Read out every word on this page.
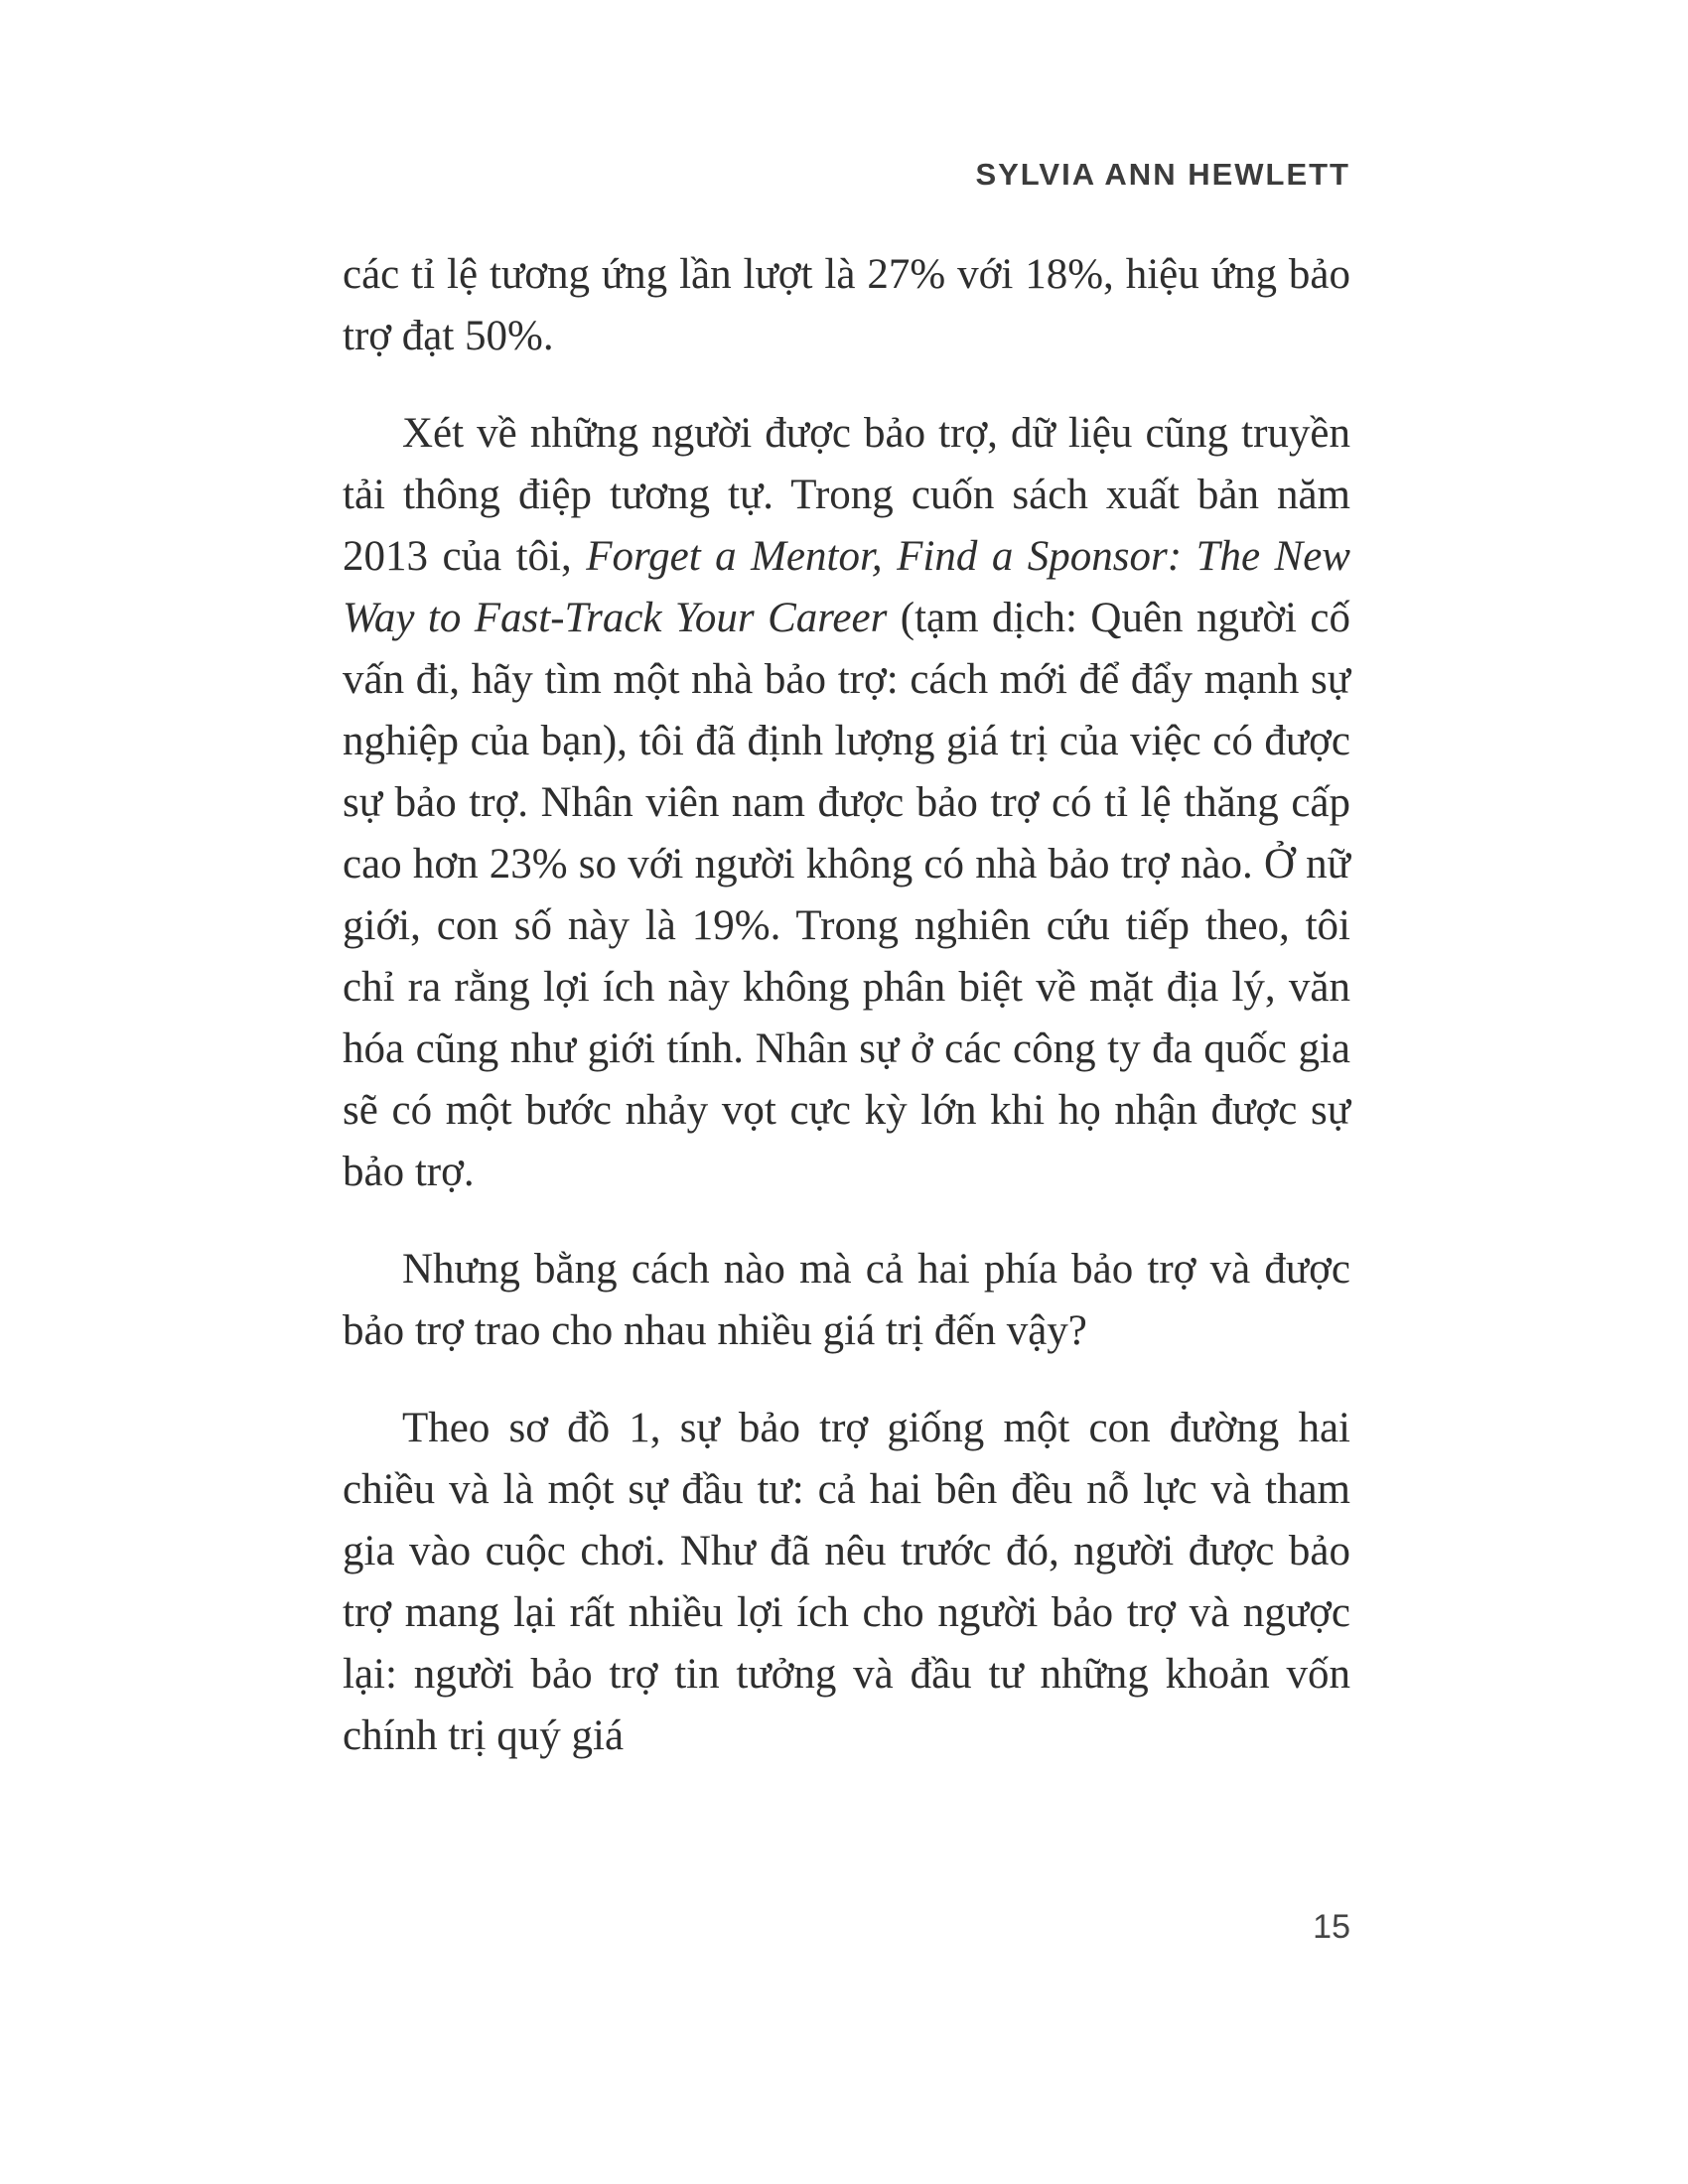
SYLVIA ANN HEWLETT

các tỉ lệ tương ứng lần lượt là 27% với 18%, hiệu ứng bảo trợ đạt 50%.

Xét về những người được bảo trợ, dữ liệu cũng truyền tải thông điệp tương tự. Trong cuốn sách xuất bản năm 2013 của tôi, Forget a Mentor, Find a Sponsor: The New Way to Fast-Track Your Career (tạm dịch: Quên người cố vấn đi, hãy tìm một nhà bảo trợ: cách mới để đẩy mạnh sự nghiệp của bạn), tôi đã định lượng giá trị của việc có được sự bảo trợ. Nhân viên nam được bảo trợ có tỉ lệ thăng cấp cao hơn 23% so với người không có nhà bảo trợ nào. Ở nữ giới, con số này là 19%. Trong nghiên cứu tiếp theo, tôi chỉ ra rằng lợi ích này không phân biệt về mặt địa lý, văn hóa cũng như giới tính. Nhân sự ở các công ty đa quốc gia sẽ có một bước nhảy vọt cực kỳ lớn khi họ nhận được sự bảo trợ.

Nhưng bằng cách nào mà cả hai phía bảo trợ và được bảo trợ trao cho nhau nhiều giá trị đến vậy?

Theo sơ đồ 1, sự bảo trợ giống một con đường hai chiều và là một sự đầu tư: cả hai bên đều nỗ lực và tham gia vào cuộc chơi. Như đã nêu trước đó, người được bảo trợ mang lại rất nhiều lợi ích cho người bảo trợ và ngược lại: người bảo trợ tin tưởng và đầu tư những khoản vốn chính trị quý giá

15
